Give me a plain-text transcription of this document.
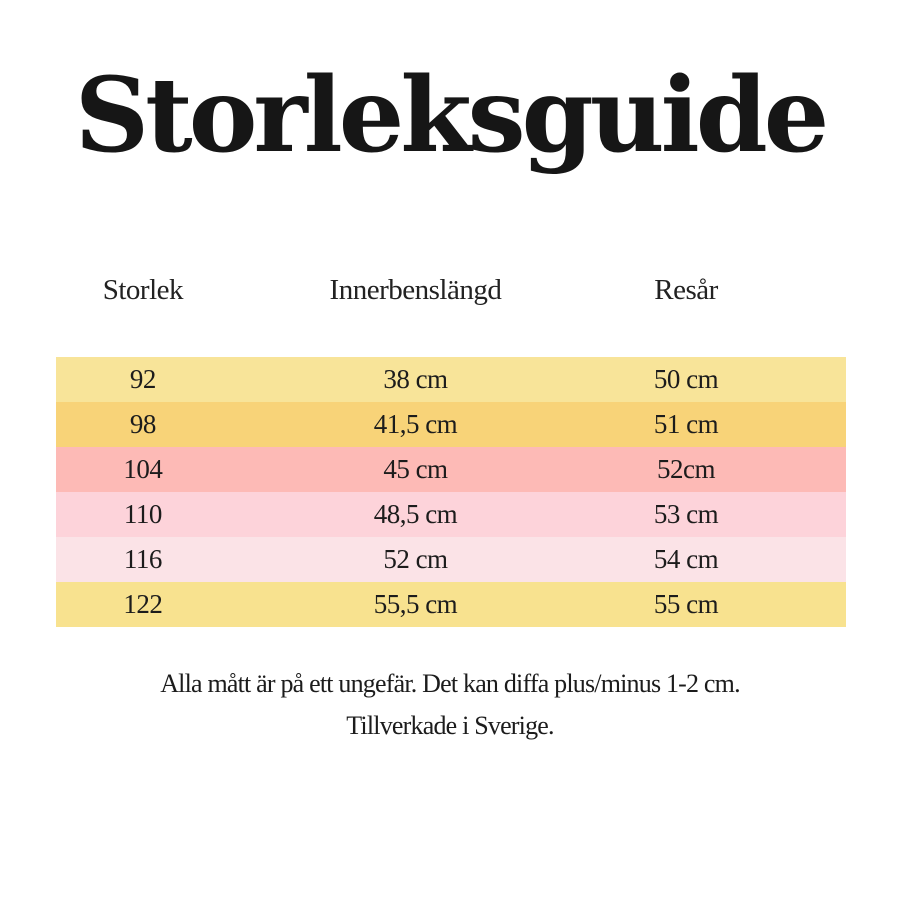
Storleksguide
Storlek	Innerbenslängd	Resår
92	38 cm	50 cm
98	41,5 cm	51 cm
104	45 cm	52cm
110	48,5 cm	53 cm
116	52 cm	54 cm
122	55,5 cm	55 cm
Alla mått är på ett ungefär. Det kan diffa plus/minus 1-2 cm.
Tillverkade i Sverige.
